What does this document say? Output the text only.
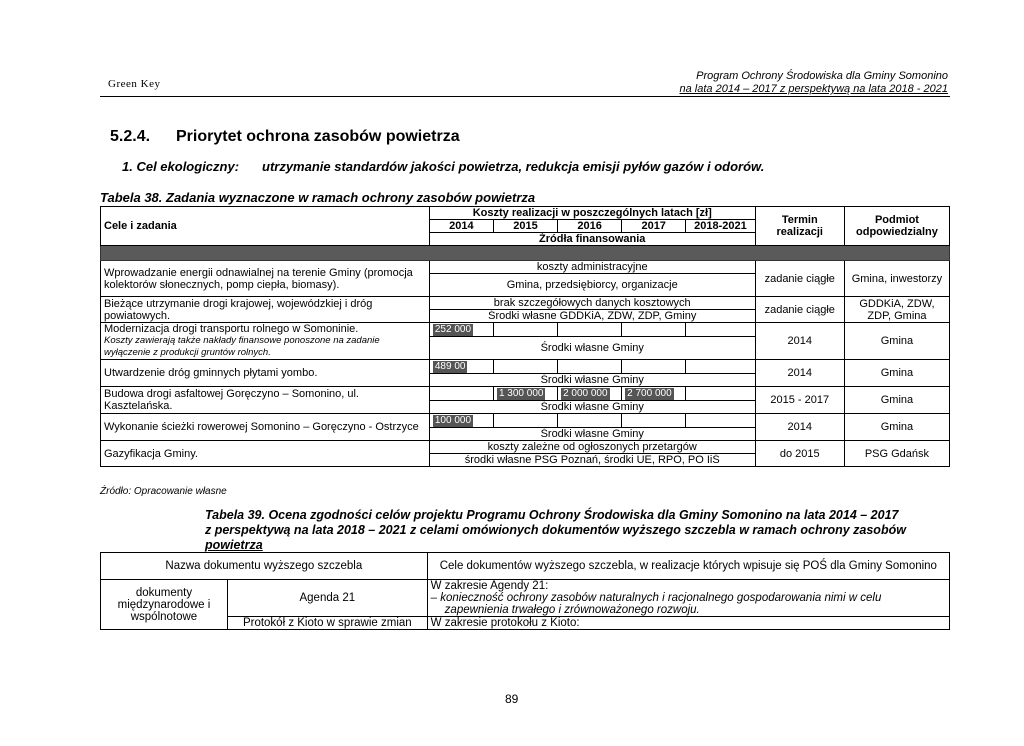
Green Key
Program Ochrony Środowiska dla Gminy Somonino
na lata 2014 – 2017 z perspektywą na lata 2018 - 2021
5.2.4. Priorytet ochrona zasobów powietrza
1. Cel ekologiczny: utrzymanie standardów jakości powietrza, redukcja emisji pyłów gazów i odorów.
Tabela 38. Zadania wyznaczone w ramach ochrony zasobów powietrza
Cele i zadania	Koszty realizacji w poszczególnych latach [zł]					Termin realizacji	Podmiot odpowiedzialny
	2014	2015	2016	2017	2018-2021		
	Źródła finansowania						

Wprowadzanie energii odnawialnej na terenie Gminy (promocja kolektorów słonecznych, pomp ciepła, biomasy).	koszty administracyjne					zadanie ciągłe	Gmina, inwestorzy
	Gmina, przedsiębiorcy, organizacje						
Bieżące utrzymanie drogi krajowej, wojewódzkiej i dróg powiatowych.	brak szczegółowych danych kosztowych					zadanie ciągłe	GDDKiA, ZDW, ZDP, Gmina
	Środki własne GDDKiA, ZDW, ZDP, Gminy						

Modernizacja drogi transportu rolnego w Somoninie.
Koszty zawierają także nakłady finansowe ponoszone na zadanie wyłączenie z produkcji gruntów rolnych.	252 000					2014	Gmina
	Środki własne Gminy						
Utwardzenie dróg gminnych płytami yombo.	489 00					2014	Gmina
	Środki własne Gminy						
Budowa drogi asfaltowej Goręczyno – Somonino, ul. Kasztelańska.		1 300 000	2 000 000	2 700 000		2015 - 2017	Gmina
	Środki własne Gminy						
Wykonanie ścieżki rowerowej Somonino – Goręczyno - Ostrzyce	100 000					2014	Gmina
	Środki własne Gminy						
Gazyfikacja Gminy.	koszty zależne od ogłoszonych przetargów					do 2015	PSG Gdańsk
	środki własne PSG Poznań, środki UE, RPO, PO IiŚ						
Źródło: Opracowanie własne
Tabela 39. Ocena zgodności celów projektu Programu Ochrony Środowiska dla Gminy Somonino na lata 2014 – 2017
z perspektywą na lata 2018 – 2021 z celami omówionych dokumentów wyższego szczebla w ramach ochrony zasobów
powietrza
Nazwa dokumentu wyższego szczebla		Cele dokumentów wyższego szczebla, w realizacje których wpisuje się POŚ dla Gminy Somonino
dokumenty międzynarodowe i wspólnotowe	Agenda 21	W zakresie Agendy 21:
– konieczność ochrony zasobów naturalnych i racjonalnego gospodarowania nimi w celu zapewnienia trwałego i zrównoważonego rozwoju.

	Protokół z Kioto w sprawie zmian	W zakresie protokołu z Kioto:
89
